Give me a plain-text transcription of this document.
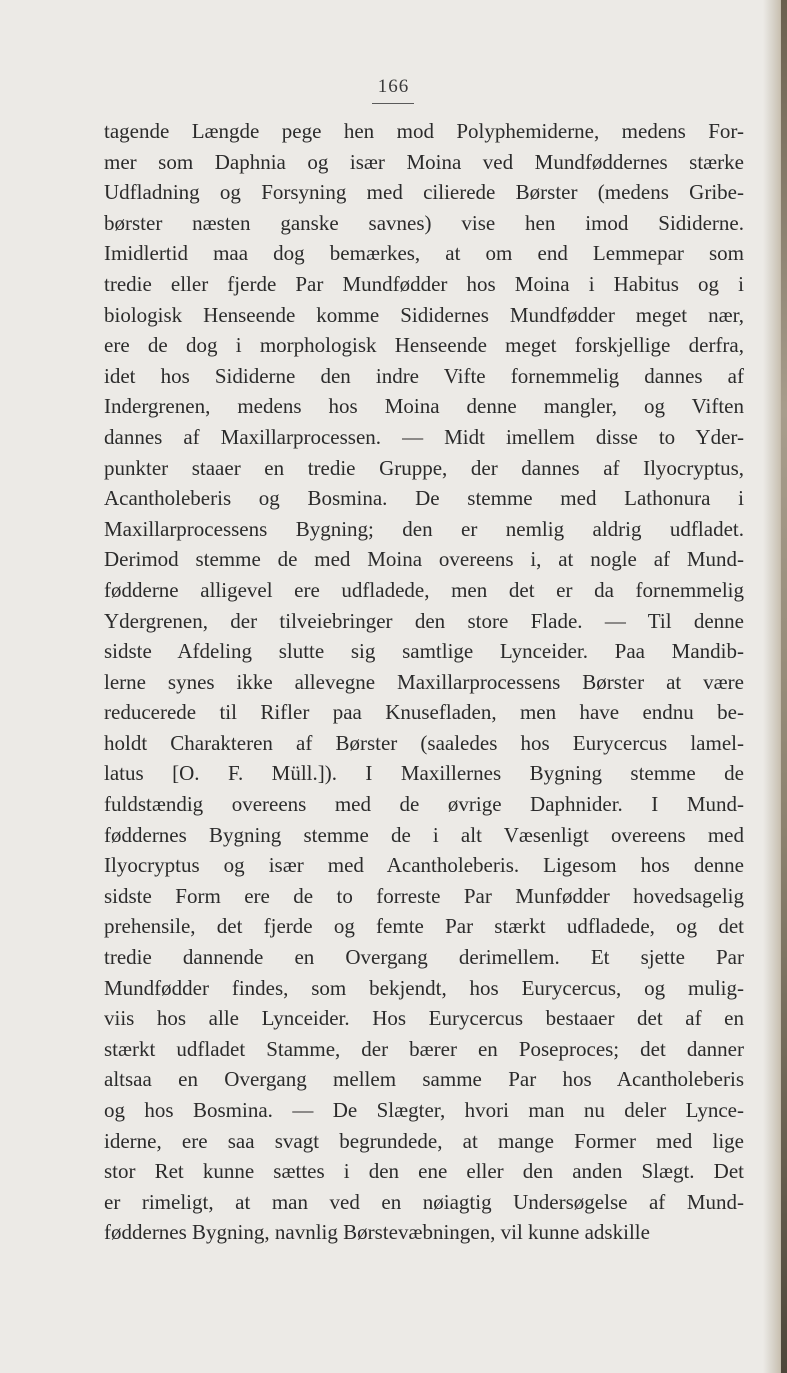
166
tagende Længde pege hen mod Polyphemiderne, medens For-
mer som Daphnia og især Moina ved Mundføddernes stærke
Udfladning og Forsyning med cilierede Børster (medens Gribe-
børster næsten ganske savnes) vise hen imod Sididerne.
Imidlertid maa dog bemærkes, at om end Lemmepar som
tredie eller fjerde Par Mundfødder hos Moina i Habitus og i
biologisk Henseende komme Sididernes Mundfødder meget nær,
ere de dog i morphologisk Henseende meget forskjellige derfra,
idet hos Sididerne den indre Vifte fornemmelig dannes af
Indergrenen, medens hos Moina denne mangler, og Viften
dannes af Maxillarprocessen. — Midt imellem disse to Yder-
punkter staaer en tredie Gruppe, der dannes af Ilyocryptus,
Acantholeberis og Bosmina. De stemme med Lathonura i
Maxillarprocessens Bygning; den er nemlig aldrig udfladet.
Derimod stemme de med Moina overeens i, at nogle af Mund-
fødderne alligevel ere udfladede, men det er da fornemmelig
Ydergrenen, der tilveiebringer den store Flade. — Til denne
sidste Afdeling slutte sig samtlige Lynceider. Paa Mandib-
lerne synes ikke allevegne Maxillarprocessens Børster at være
reducerede til Rifler paa Knusefladen, men have endnu be-
holdt Charakteren af Børster (saaledes hos Eurycercus lamel-
latus [O. F. Müll.]). I Maxillernes Bygning stemme de
fuldstændig overeens med de øvrige Daphnider. I Mund-
føddernes Bygning stemme de i alt Væsenligt overeens med
Ilyocryptus og især med Acantholeberis. Ligesom hos denne
sidste Form ere de to forreste Par Munfødder hovedsagelig
prehensile, det fjerde og femte Par stærkt udfladede, og det
tredie dannende en Overgang derimellem. Et sjette Par
Mundfødder findes, som bekjendt, hos Eurycercus, og mulig-
viis hos alle Lynceider. Hos Eurycercus bestaaer det af en
stærkt udfladet Stamme, der bærer en Poseproces; det danner
altsaa en Overgang mellem samme Par hos Acantholeberis
og hos Bosmina. — De Slægter, hvori man nu deler Lynce-
iderne, ere saa svagt begrundede, at mange Former med lige
stor Ret kunne sættes i den ene eller den anden Slægt. Det
er rimeligt, at man ved en nøiagtig Undersøgelse af Mund-
føddernes Bygning, navnlig Børstevæbningen, vil kunne adskille
